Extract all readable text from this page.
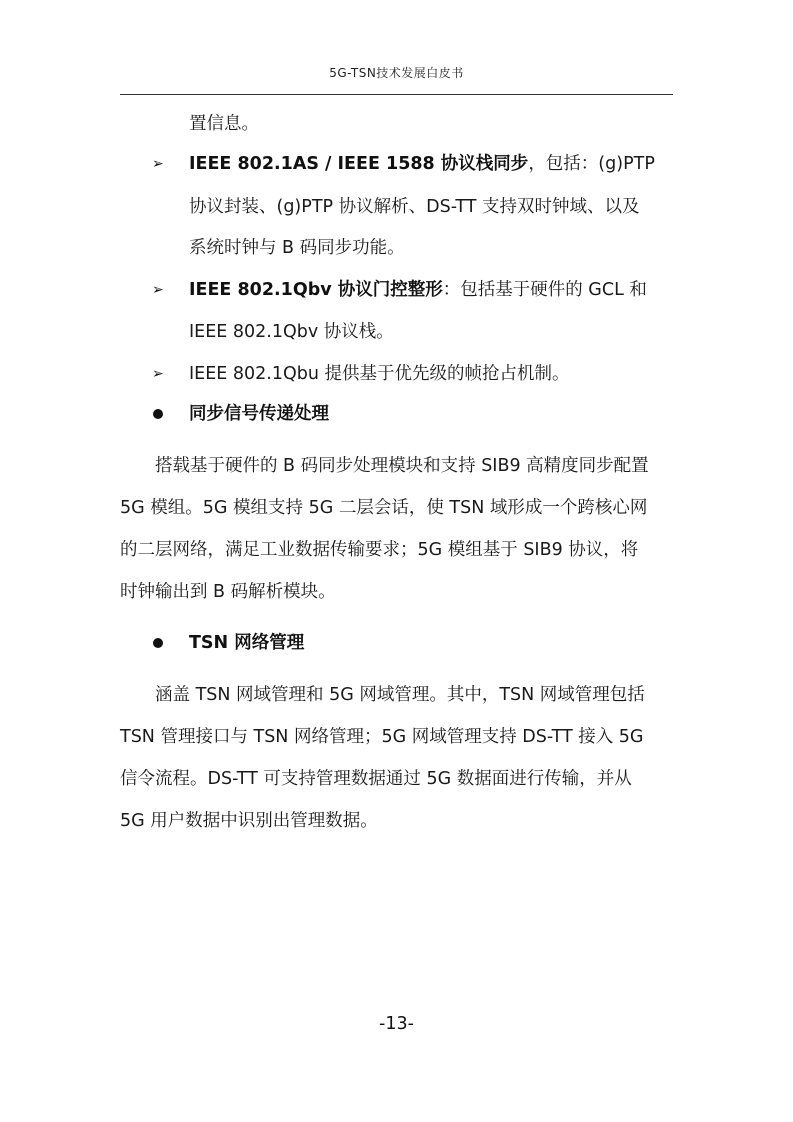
5G-TSN技术发展白皮书
置信息。
➢ IEEE 802.1AS / IEEE 1588 协议栈同步，包括：(g)PTP
协议封装、(g)PTP 协议解析、DS-TT 支持双时钟域、以及
系统时钟与 B 码同步功能。
➢ IEEE 802.1Qbv 协议门控整形：包括基于硬件的 GCL 和
IEEE 802.1Qbv 协议栈。
➢ IEEE 802.1Qbu 提供基于优先级的帧抢占机制。
同步信号传递处理
搭载基于硬件的 B 码同步处理模块和支持 SIB9 高精度同步配置
5G 模组。5G 模组支持 5G 二层会话，使 TSN 域形成一个跨核心网
的二层网络，满足工业数据传输要求；5G 模组基于 SIB9 协议，将
时钟输出到 B 码解析模块。
TSN 网络管理
涵盖 TSN 网域管理和 5G 网域管理。其中，TSN 网域管理包括
TSN 管理接口与 TSN 网络管理；5G 网域管理支持 DS-TT 接入 5G
信令流程。DS-TT 可支持管理数据通过 5G 数据面进行传输，并从
5G 用户数据中识别出管理数据。
-13-
